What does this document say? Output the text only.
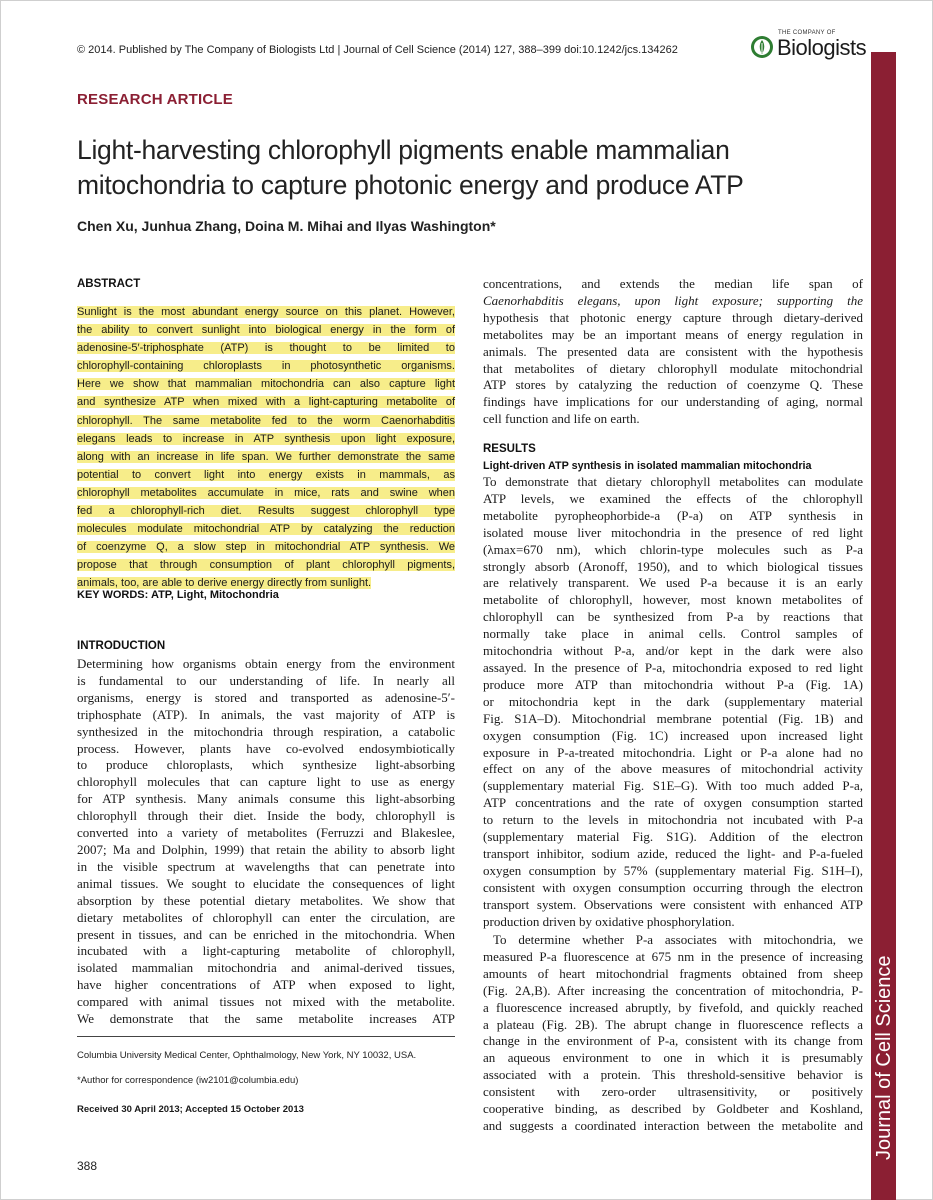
Journal of Cell Science
© 2014. Published by The Company of Biologists Ltd | Journal of Cell Science (2014) 127, 388–399 doi:10.1242/jcs.134262
THE COMPANY OF
Biologists
RESEARCH ARTICLE
Light-harvesting chlorophyll pigments enable mammalian
mitochondria to capture photonic energy and produce ATP
Chen Xu, Junhua Zhang, Doina M. Mihai and Ilyas Washington*
ABSTRACT
Sunlight is the most abundant energy source on this planet. However,
the ability to convert sunlight into biological energy in the form of
adenosine-5′-triphosphate (ATP) is thought to be limited to
chlorophyll-containing chloroplasts in photosynthetic organisms.
Here we show that mammalian mitochondria can also capture light
and synthesize ATP when mixed with a light-capturing metabolite of
chlorophyll. The same metabolite fed to the worm Caenorhabditis
elegans leads to increase in ATP synthesis upon light exposure,
along with an increase in life span. We further demonstrate the same
potential to convert light into energy exists in mammals, as
chlorophyll metabolites accumulate in mice, rats and swine when
fed a chlorophyll-rich diet. Results suggest chlorophyll type
molecules modulate mitochondrial ATP by catalyzing the reduction
of coenzyme Q, a slow step in mitochondrial ATP synthesis. We
propose that through consumption of plant chlorophyll pigments,
animals, too, are able to derive energy directly from sunlight.
KEY WORDS: ATP, Light, Mitochondria
INTRODUCTION
Determining how organisms obtain energy from the environment
is fundamental to our understanding of life. In nearly all
organisms, energy is stored and transported as adenosine-5′-
triphosphate (ATP). In animals, the vast majority of ATP is
synthesized in the mitochondria through respiration, a catabolic
process. However, plants have co-evolved endosymbiotically
to produce chloroplasts, which synthesize light-absorbing
chlorophyll molecules that can capture light to use as energy
for ATP synthesis. Many animals consume this light-absorbing
chlorophyll through their diet. Inside the body, chlorophyll is
converted into a variety of metabolites (Ferruzzi and Blakeslee,
2007; Ma and Dolphin, 1999) that retain the ability to absorb light
in the visible spectrum at wavelengths that can penetrate into
animal tissues. We sought to elucidate the consequences of light
absorption by these potential dietary metabolites. We show that
dietary metabolites of chlorophyll can enter the circulation, are
present in tissues, and can be enriched in the mitochondria. When
incubated with a light-capturing metabolite of chlorophyll,
isolated mammalian mitochondria and animal-derived tissues,
have higher concentrations of ATP when exposed to light,
compared with animal tissues not mixed with the metabolite.
We demonstrate that the same metabolite increases ATP
Columbia University Medical Center, Ophthalmology, New York, NY 10032, USA.
*Author for correspondence (iw2101@columbia.edu)
Received 30 April 2013; Accepted 15 October 2013
388
concentrations, and extends the median life span of
Caenorhabditis elegans, upon light exposure; supporting the
hypothesis that photonic energy capture through dietary-derived
metabolites may be an important means of energy regulation in
animals. The presented data are consistent with the hypothesis
that metabolites of dietary chlorophyll modulate mitochondrial
ATP stores by catalyzing the reduction of coenzyme Q. These
findings have implications for our understanding of aging, normal
cell function and life on earth.
RESULTS
Light-driven ATP synthesis in isolated mammalian mitochondria
To demonstrate that dietary chlorophyll metabolites can modulate
ATP levels, we examined the effects of the chlorophyll
metabolite pyropheophorbide-a (P-a) on ATP synthesis in
isolated mouse liver mitochondria in the presence of red light
(λmax=670 nm), which chlorin-type molecules such as P-a
strongly absorb (Aronoff, 1950), and to which biological tissues
are relatively transparent. We used P-a because it is an early
metabolite of chlorophyll, however, most known metabolites of
chlorophyll can be synthesized from P-a by reactions that
normally take place in animal cells. Control samples of
mitochondria without P-a, and/or kept in the dark were also
assayed. In the presence of P-a, mitochondria exposed to red light
produce more ATP than mitochondria without P-a (Fig. 1A)
or mitochondria kept in the dark (supplementary material
Fig. S1A–D). Mitochondrial membrane potential (Fig. 1B) and
oxygen consumption (Fig. 1C) increased upon increased light
exposure in P-a-treated mitochondria. Light or P-a alone had no
effect on any of the above measures of mitochondrial activity
(supplementary material Fig. S1E–G). With too much added P-a,
ATP concentrations and the rate of oxygen consumption started
to return to the levels in mitochondria not incubated with P-a
(supplementary material Fig. S1G). Addition of the electron
transport inhibitor, sodium azide, reduced the light- and P-a-fueled
oxygen consumption by 57% (supplementary material Fig. S1H–I),
consistent with oxygen consumption occurring through the electron
transport system. Observations were consistent with enhanced ATP
production driven by oxidative phosphorylation.
To determine whether P-a associates with mitochondria, we
measured P-a fluorescence at 675 nm in the presence of increasing
amounts of heart mitochondrial fragments obtained from sheep
(Fig. 2A,B). After increasing the concentration of mitochondria, P-
a fluorescence increased abruptly, by fivefold, and quickly reached
a plateau (Fig. 2B). The abrupt change in fluorescence reflects a
change in the environment of P-a, consistent with its change from
an aqueous environment to one in which it is presumably
associated with a protein. This threshold-sensitive behavior is
consistent with zero-order ultrasensitivity, or positively
cooperative binding, as described by Goldbeter and Koshland,
and suggests a coordinated interaction between the metabolite and
